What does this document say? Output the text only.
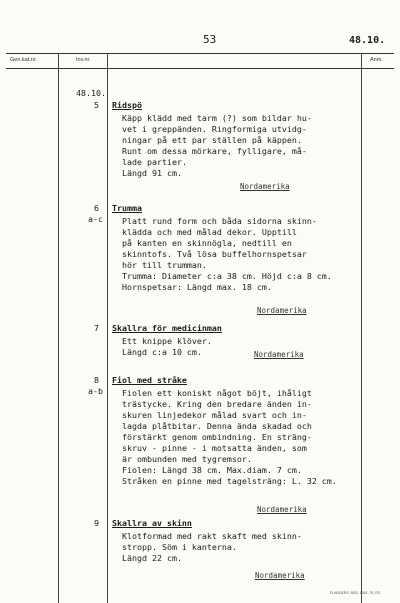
53	48.10.
Gen.kat.nr.	Inv.nr.	Anm.
48.10.
5 Ridspö
Käpp klädd med tarm (?) som bildar hu-
vet i greppänden. Ringformiga utvidg-
ningar på ett par ställen på käppen.
Runt om dessa mörkare, fylligare, må-
lade partier.
Längd 91 cm.
Nordamerika
6
a-c
Trumma
Platt rund form och båda sidorna skinn-
klädda och med målad dekor. Upptill
på kanten en skinnögla, nedtill en
skinntofs. Två lösa buffelhornspetsar
hör till trumman.
Trumma: Diameter c:a 38 cm. Höjd c:a 8 cm.
Hornspetsar: Längd max. 18 cm.
Nordamerika
7 Skallra för medicinman
Ett knippe klöver.
Längd c:a 10 cm.	Nordamerika
8
a-b
Fiol med stråke
Fiolen ett koniskt något böjt, ihåligt
trästycke. Kring den bredare änden in-
skuren linjedekor målad svart och in-
lagda plåtbitar. Denna ända skadad och
förstärkt genom ombindning. En sträng-
skruv - pinne - i motsatta änden, som
är ombunden med tygremsor.
Fiolen: Längd 38 cm. Max.diam. 7 cm.
Stråken en pinne med tagelsträng: L. 32 cm.
Nordamerika
9 Skallra av skinn
Klotformad med rakt skaft med skinn-
stropp. Söm i kanterna.
Längd 22 cm.
Nordamerika
FLANDERS, RÅS, 1951, 75, ES.
